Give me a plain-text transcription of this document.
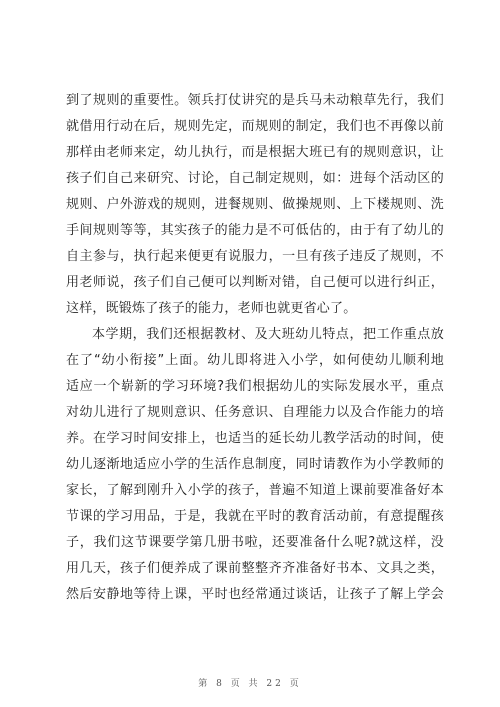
到了规则的重要性。领兵打仗讲究的是兵马未动粮草先行，我们
就借用行动在后，规则先定，而规则的制定，我们也不再像以前
那样由老师来定，幼儿执行，而是根据大班已有的规则意识，让
孩子们自己来研究、讨论，自己制定规则，如：进每个活动区的
规则、户外游戏的规则，进餐规则、做操规则、上下楼规则、洗
手间规则等等，其实孩子的能力是不可低估的，由于有了幼儿的
自主参与，执行起来便更有说服力，一旦有孩子违反了规则，不
用老师说，孩子们自己便可以判断对错，自己便可以进行纠正，
这样，既锻炼了孩子的能力，老师也就更省心了。
本学期，我们还根据教材、及大班幼儿特点，把工作重点放
在了“幼小衔接”上面。幼儿即将进入小学，如何使幼儿顺利地
适应一个崭新的学习环境?我们根据幼儿的实际发展水平，重点
对幼儿进行了规则意识、任务意识、自理能力以及合作能力的培
养。在学习时间安排上，也适当的延长幼儿教学活动的时间，使
幼儿逐渐地适应小学的生活作息制度，同时请教作为小学教师的
家长，了解到刚升入小学的孩子，普遍不知道上课前要准备好本
节课的学习用品，于是，我就在平时的教育活动前，有意提醒孩
子，我们这节课要学第几册书啦，还要准备什么呢?就这样，没
用几天，孩子们便养成了课前整整齐齐准备好书本、文具之类，
然后安静地等待上课，平时也经常通过谈话，让孩子了解上学会
第 8 页 共 22 页
